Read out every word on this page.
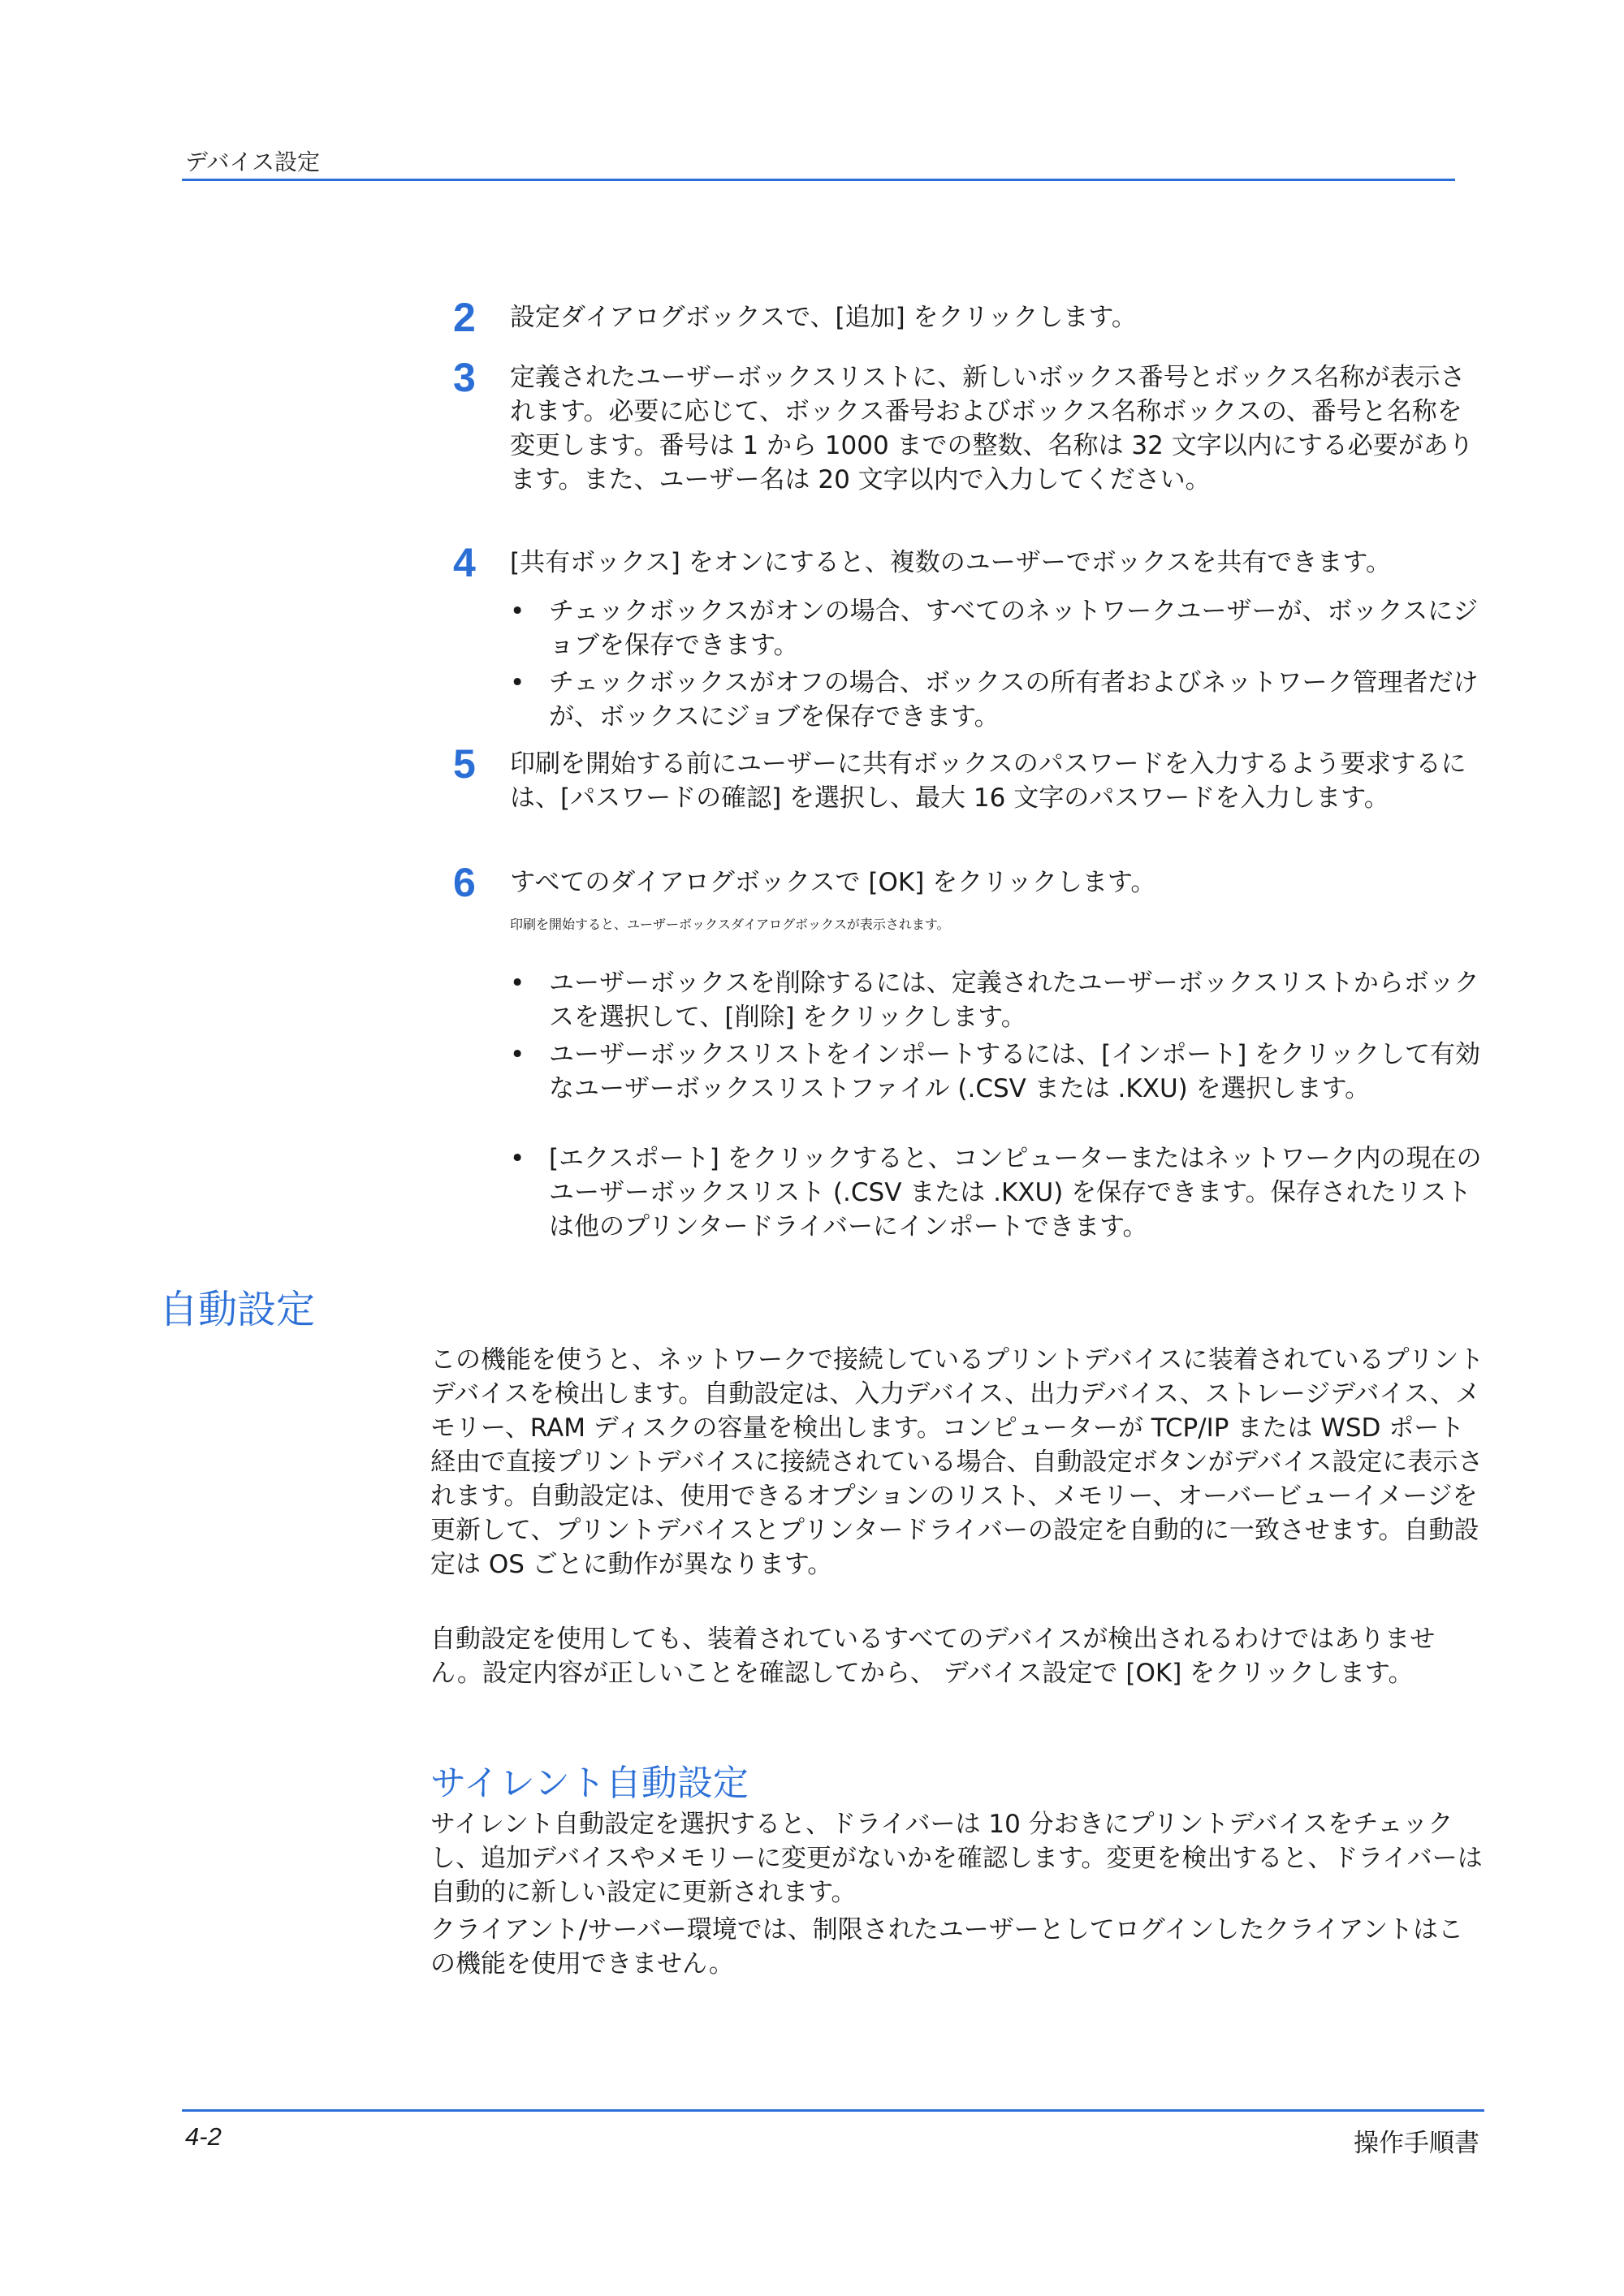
デバイス設定
2	設定ダイアログボックスで、[追加] をクリックします。
3	定義されたユーザーボックスリストに、新しいボックス番号とボックス名称が表示されます。必要に応じて、ボックス番号およびボックス名称ボックスの、番号と名称を変更します。番号は 1 から 1000 までの整数、名称は 32 文字以内にする必要があります。また、ユーザー名は 20 文字以内で入力してください。
4	[共有ボックス] をオンにすると、複数のユーザーでボックスを共有できます。
• チェックボックスがオンの場合、すべてのネットワークユーザーが、ボックスにジョブを保存できます。
• チェックボックスがオフの場合、ボックスの所有者およびネットワーク管理者だけが、ボックスにジョブを保存できます。
5	印刷を開始する前にユーザーに共有ボックスのパスワードを入力するよう要求するには、[パスワードの確認] を選択し、最大 16 文字のパスワードを入力します。
6	すべてのダイアログボックスで [OK] をクリックします。
印刷を開始すると、ユーザーボックスダイアログボックスが表示されます。
• ユーザーボックスを削除するには、定義されたユーザーボックスリストからボックスを選択して、[削除] をクリックします。
• ユーザーボックスリストをインポートするには、[インポート] をクリックして有効なユーザーボックスリストファイル (.CSV または .KXU) を選択します。
• [エクスポート] をクリックすると、コンピューターまたはネットワーク内の現在のユーザーボックスリスト (.CSV または .KXU) を保存できます。保存されたリストは他のプリンタードライバーにインポートできます。
自動設定
この機能を使うと、ネットワークで接続しているプリントデバイスに装着されているプリントデバイスを検出します。自動設定は、入力デバイス、出力デバイス、ストレージデバイス、メモリー、RAM ディスクの容量を検出します。コンピューターが TCP/IP または WSD ポート経由で直接プリントデバイスに接続されている場合、自動設定ボタンがデバイス設定に表示されます。自動設定は、使用できるオプションのリスト、メモリー、オーバービューイメージを更新して、プリントデバイスとプリンタードライバーの設定を自動的に一致させます。自動設定は OS ごとに動作が異なります。
自動設定を使用しても、装着されているすべてのデバイスが検出されるわけではありません。設定内容が正しいことを確認してから、 デバイス設定で [OK] をクリックします。
サイレント自動設定
サイレント自動設定を選択すると、ドライバーは 10 分おきにプリントデバイスをチェックし、追加デバイスやメモリーに変更がないかを確認します。変更を検出すると、ドライバーは自動的に新しい設定に更新されます。
クライアント/サーバー環境では、制限されたユーザーとしてログインしたクライアントはこの機能を使用できません。
4-2	操作手順書
